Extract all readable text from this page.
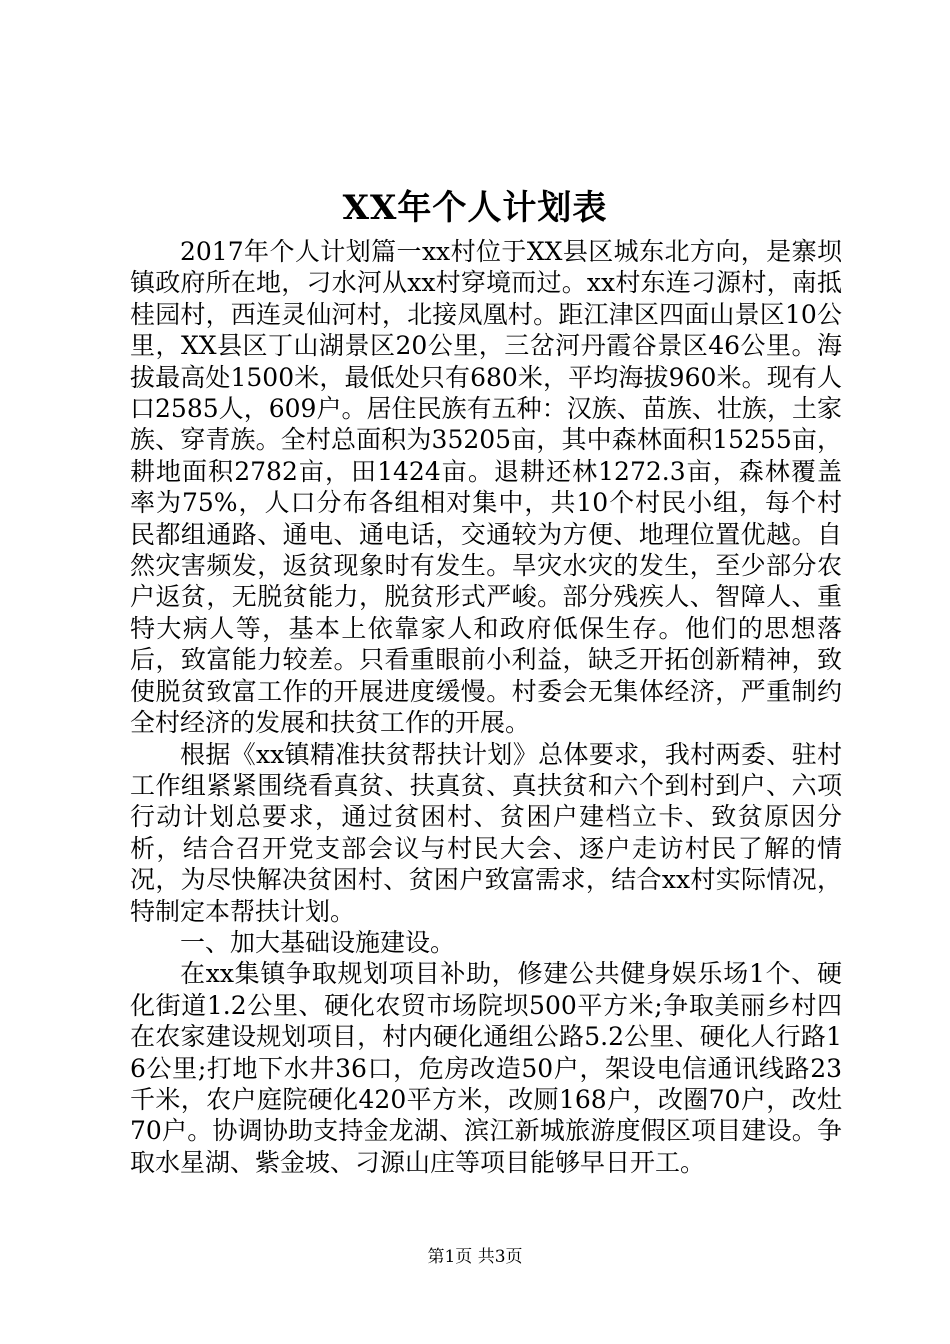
XX年个人计划表

2017年个人计划篇一xx村位于XX县区城东北方向，是寨坝镇政府所在地，刁水河从xx村穿境而过。xx村东连刁源村，南抵桂园村，西连灵仙河村，北接凤凰村。距江津区四面山景区10公里，XX县区丁山湖景区20公里，三岔河丹霞谷景区46公里。海拔最高处1500米，最低处只有680米，平均海拔960米。现有人口2585人，609户。居住民族有五种：汉族、苗族、壮族，土家族、穿青族。全村总面积为35205亩，其中森林面积15255亩，耕地面积2782亩，田1424亩。退耕还林1272.3亩，森林覆盖率为75%，人口分布各组相对集中，共10个村民小组，每个村民都组通路、通电、通电话，交通较为方便、地理位置优越。自然灾害频发，返贫现象时有发生。旱灾水灾的发生，至少部分农户返贫，无脱贫能力，脱贫形式严峻。部分残疾人、智障人、重特大病人等，基本上依靠家人和政府低保生存。他们的思想落后，致富能力较差。只看重眼前小利益，缺乏开拓创新精神，致使脱贫致富工作的开展进度缓慢。村委会无集体经济，严重制约全村经济的发展和扶贫工作的开展。

根据《xx镇精准扶贫帮扶计划》总体要求，我村两委、驻村工作组紧紧围绕看真贫、扶真贫、真扶贫和六个到村到户、六项行动计划总要求，通过贫困村、贫困户建档立卡、致贫原因分析，结合召开党支部会议与村民大会、逐户走访村民了解的情况，为尽快解决贫困村、贫困户致富需求，结合xx村实际情况，特制定本帮扶计划。

一、加大基础设施建设。

在xx集镇争取规划项目补助，修建公共健身娱乐场1个、硬化街道1.2公里、硬化农贸市场院坝500平方米;争取美丽乡村四在农家建设规划项目，村内硬化通组公路5.2公里、硬化人行路16公里;打地下水井36口，危房改造50户，架设电信通讯线路23千米，农户庭院硬化420平方米，改厕168户，改圈70户，改灶70户。协调协助支持金龙湖、滨江新城旅游度假区项目建设。争取水星湖、紫金坡、刁源山庄等项目能够早日开工。

第1页 共3页
